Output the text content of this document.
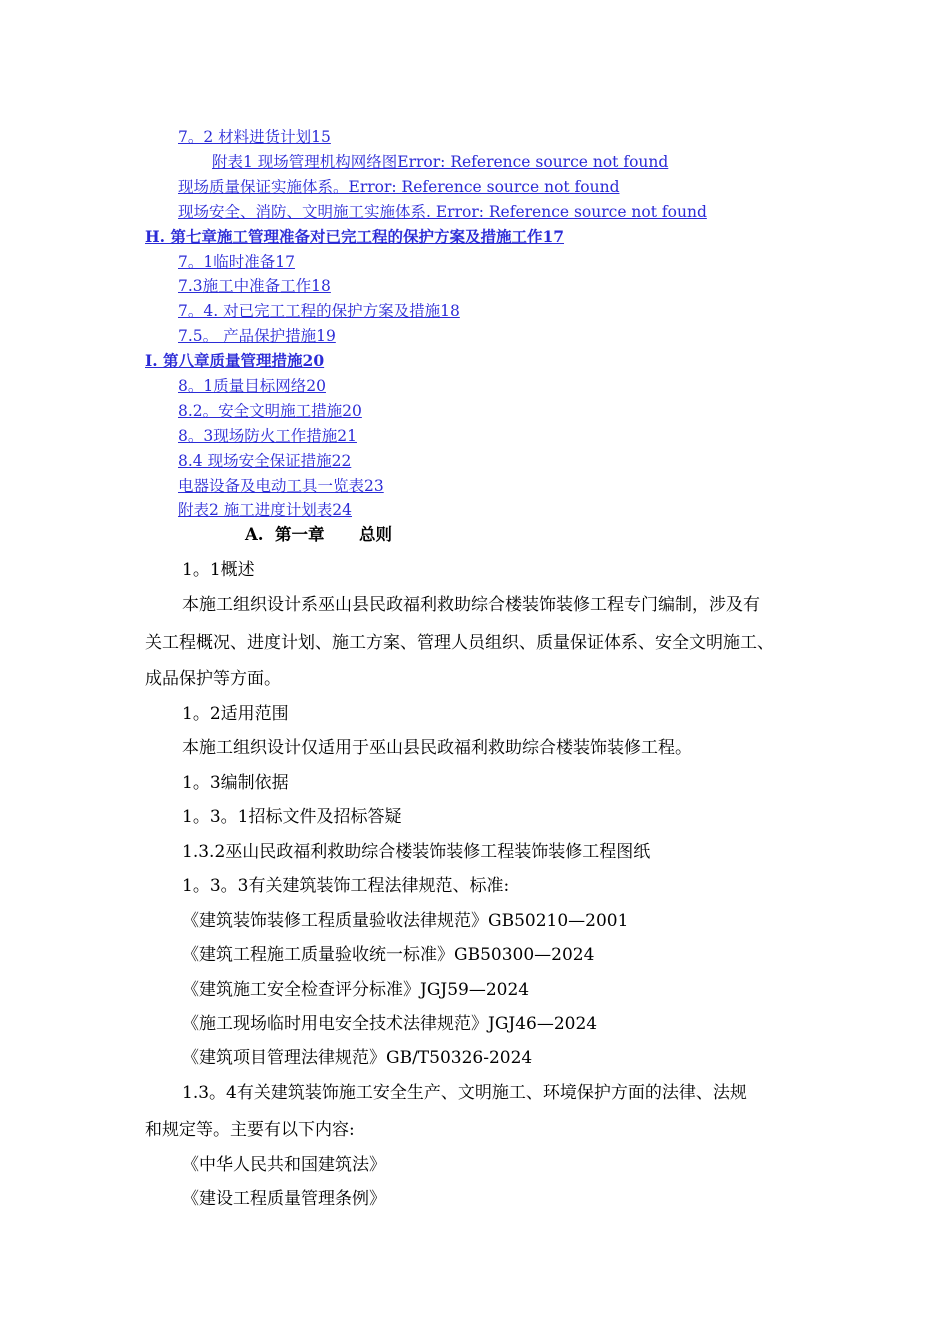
7。2 材料进货计划15
附表1 现场管理机构网络图Error: Reference source not found
现场质量保证实施体系。Error: Reference source not found
现场安全、消防、文明施工实施体系. Error: Reference source not found
H. 第七章施工管理准备对已完工程的保护方案及措施工作17
7。1临时准备17
7.3施工中准备工作18
7。4. 对已完工工程的保护方案及措施18
7.5。 产品保护措施19
I. 第八章质量管理措施20
8。1质量目标网络20
8.2。安全文明施工措施20
8。3现场防火工作措施21
8.4 现场安全保证措施22
电器设备及电动工具一览表23
附表2 施工进度计划表24
A.  第一章      总则
1。1概述
本施工组织设计系巫山县民政福利救助综合楼装饰装修工程专门编制，涉及有
关工程概况、进度计划、施工方案、管理人员组织、质量保证体系、安全文明施工、
成品保护等方面。
1。2适用范围
本施工组织设计仅适用于巫山县民政福利救助综合楼装饰装修工程。
1。3编制依据
1。3。1招标文件及招标答疑
1.3.2巫山民政福利救助综合楼装饰装修工程装饰装修工程图纸
1。3。3有关建筑装饰工程法律规范、标准:
《建筑装饰装修工程质量验收法律规范》GB50210—2001
《建筑工程施工质量验收统一标准》GB50300—2024
《建筑施工安全检查评分标准》JGJ59—2024
《施工现场临时用电安全技术法律规范》JGJ46—2024
《建筑项目管理法律规范》GB/T50326-2024
1.3。4有关建筑装饰施工安全生产、文明施工、环境保护方面的法律、法规
和规定等。主要有以下内容:
《中华人民共和国建筑法》
《建设工程质量管理条例》
